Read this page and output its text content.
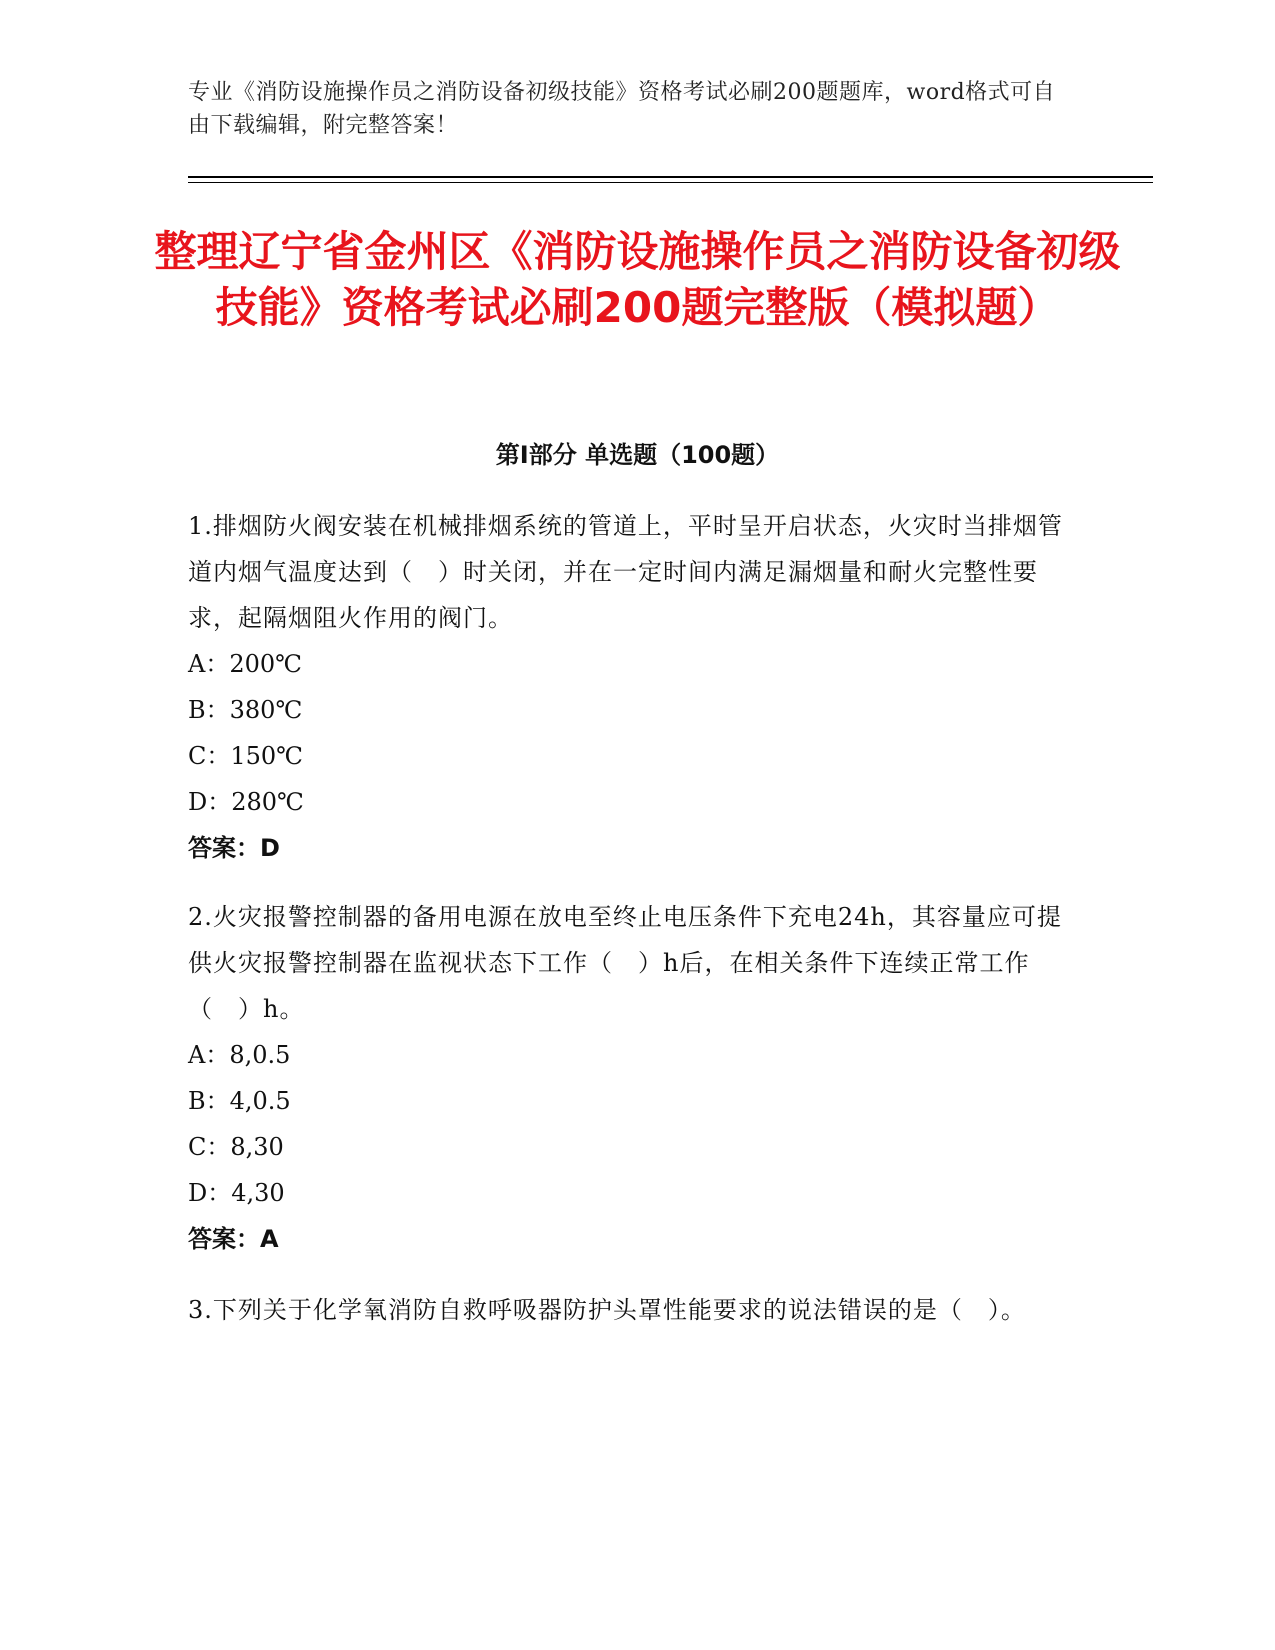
专业《消防设施操作员之消防设备初级技能》资格考试必刷200题题库，word格式可自由下载编辑，附完整答案！
整理辽宁省金州区《消防设施操作员之消防设备初级技能》资格考试必刷200题完整版（模拟题）
第I部分 单选题（100题）

1.排烟防火阀安装在机械排烟系统的管道上，平时呈开启状态，火灾时当排烟管道内烟气温度达到（　）时关闭，并在一定时间内满足漏烟量和耐火完整性要求，起隔烟阻火作用的阀门。

A：200℃

B：380℃

C：150℃

D：280℃

答案：D

2.火灾报警控制器的备用电源在放电至终止电压条件下充电24h，其容量应可提供火灾报警控制器在监视状态下工作（　）h后，在相关条件下连续正常工作（　）h。

A：8,0.5

B：4,0.5

C：8,30

D：4,30

答案：A

3.下列关于化学氧消防自救呼吸器防护头罩性能要求的说法错误的是（　）。
